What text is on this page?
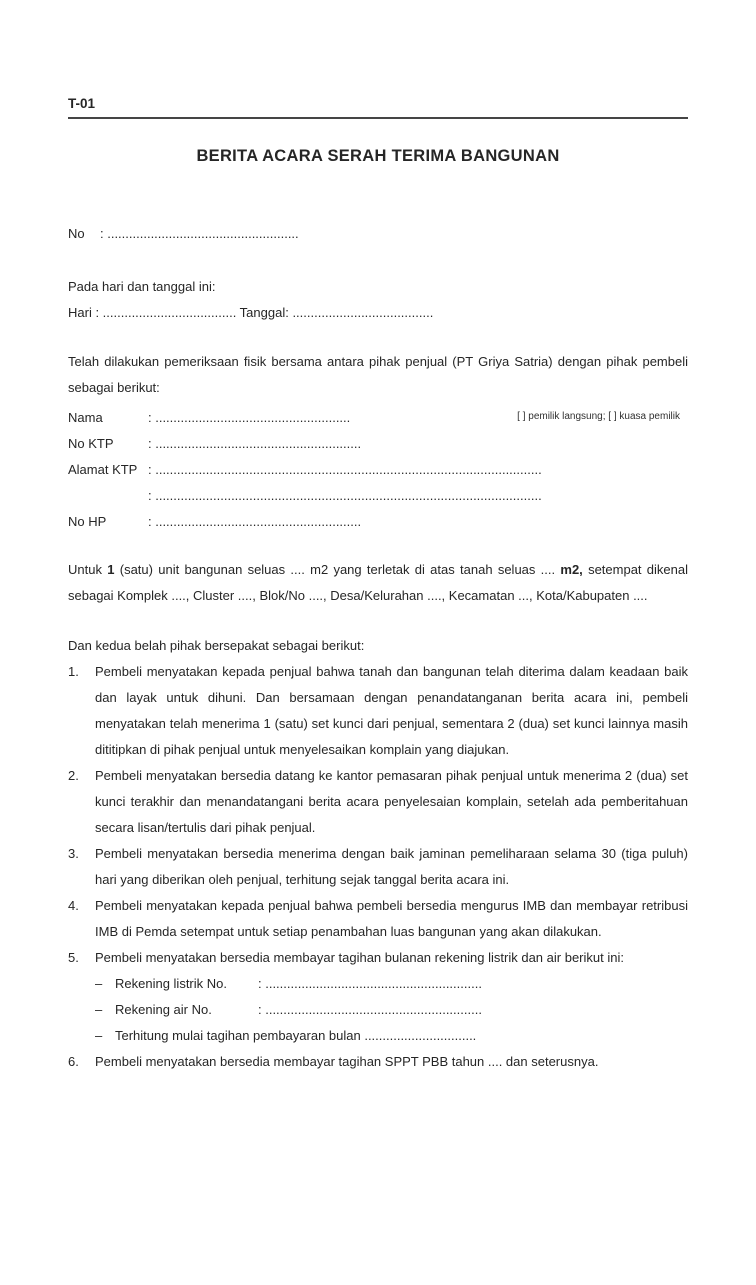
T-01
BERITA ACARA SERAH TERIMA BANGUNAN
No	: .....................................................
Pada hari dan tanggal ini:
Hari : ..................................... Tanggal: .......................................
Telah dilakukan pemeriksaan fisik bersama antara pihak penjual (PT Griya Satria) dengan pihak pembeli sebagai berikut:
Nama	: ......................................................	[ ] pemilik langsung; [ ] kuasa pemilik
No KTP	: .........................................................
Alamat KTP : ...........................................................................................................
: ...........................................................................................................
No HP	: .........................................................
Untuk 1 (satu) unit bangunan seluas .... m2 yang terletak di atas tanah seluas .... m2, setempat dikenal sebagai Komplek ...., Cluster ...., Blok/No ...., Desa/Kelurahan ...., Kecamatan ..., Kota/Kabupaten ....
Dan kedua belah pihak bersepakat sebagai berikut:
1.	Pembeli menyatakan kepada penjual bahwa tanah dan bangunan telah diterima dalam keadaan baik dan layak untuk dihuni. Dan bersamaan dengan penandatanganan berita acara ini, pembeli menyatakan telah menerima 1 (satu) set kunci dari penjual, sementara 2 (dua) set kunci lainnya masih dititipkan di pihak penjual untuk menyelesaikan komplain yang diajukan.
2.	Pembeli menyatakan bersedia datang ke kantor pemasaran pihak penjual untuk menerima 2 (dua) set kunci terakhir dan menandatangani berita acara penyelesaian komplain, setelah ada pemberitahuan secara lisan/tertulis dari pihak penjual.
3.	Pembeli menyatakan bersedia menerima dengan baik jaminan pemeliharaan selama 30 (tiga puluh) hari yang diberikan oleh penjual, terhitung sejak tanggal berita acara ini.
4.	Pembeli menyatakan kepada penjual bahwa pembeli bersedia mengurus IMB dan membayar retribusi IMB di Pemda setempat untuk setiap penambahan luas bangunan yang akan dilakukan.
5.	Pembeli menyatakan bersedia membayar tagihan bulanan rekening listrik dan air berikut ini:
– Rekening listrik No.	: ............................................................
– Rekening air No.	: ............................................................
– Terhitung mulai tagihan pembayaran bulan ...............................
6.	Pembeli menyatakan bersedia membayar tagihan SPPT PBB tahun .... dan seterusnya.
